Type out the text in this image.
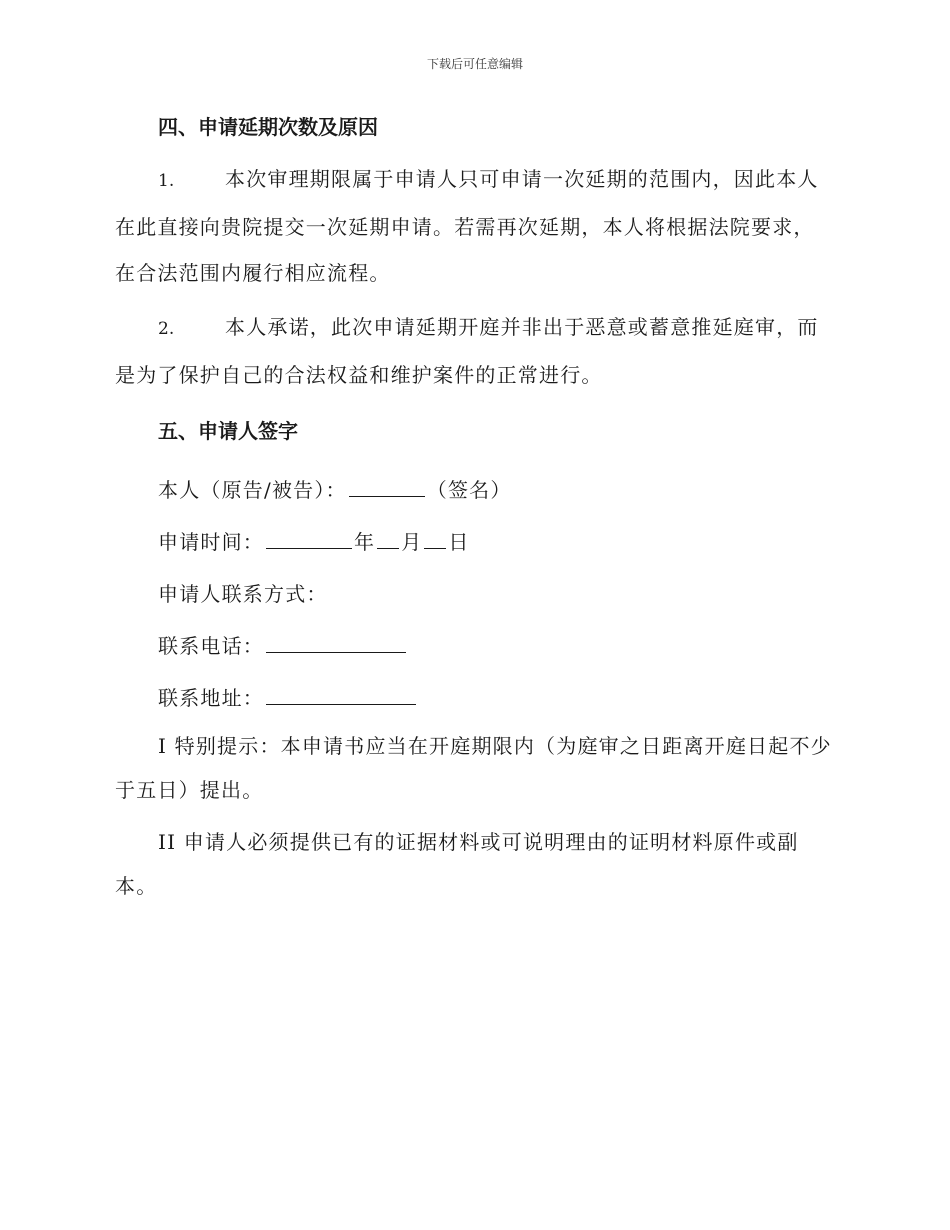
下载后可任意编辑
四、申请延期次数及原因

1.	本次审理期限属于申请人只可申请一次延期的范围内，因此本人在此直接向贵院提交一次延期申请。若需再次延期，本人将根据法院要求，在合法范围内履行相应流程。

2.	本人承诺，此次申请延期开庭并非出于恶意或蓄意推延庭审，而是为了保护自己的合法权益和维护案件的正常进行。

五、申请人签字
本人（原告/被告）：	（签名）
申请时间：	年 月 日
申请人联系方式：
联系电话：
联系地址：

I 特别提示：本申请书应当在开庭期限内（为庭审之日距离开庭日起不少于五日）提出。

II 申请人必须提供已有的证据材料或可说明理由的证明材料原件或副本。
